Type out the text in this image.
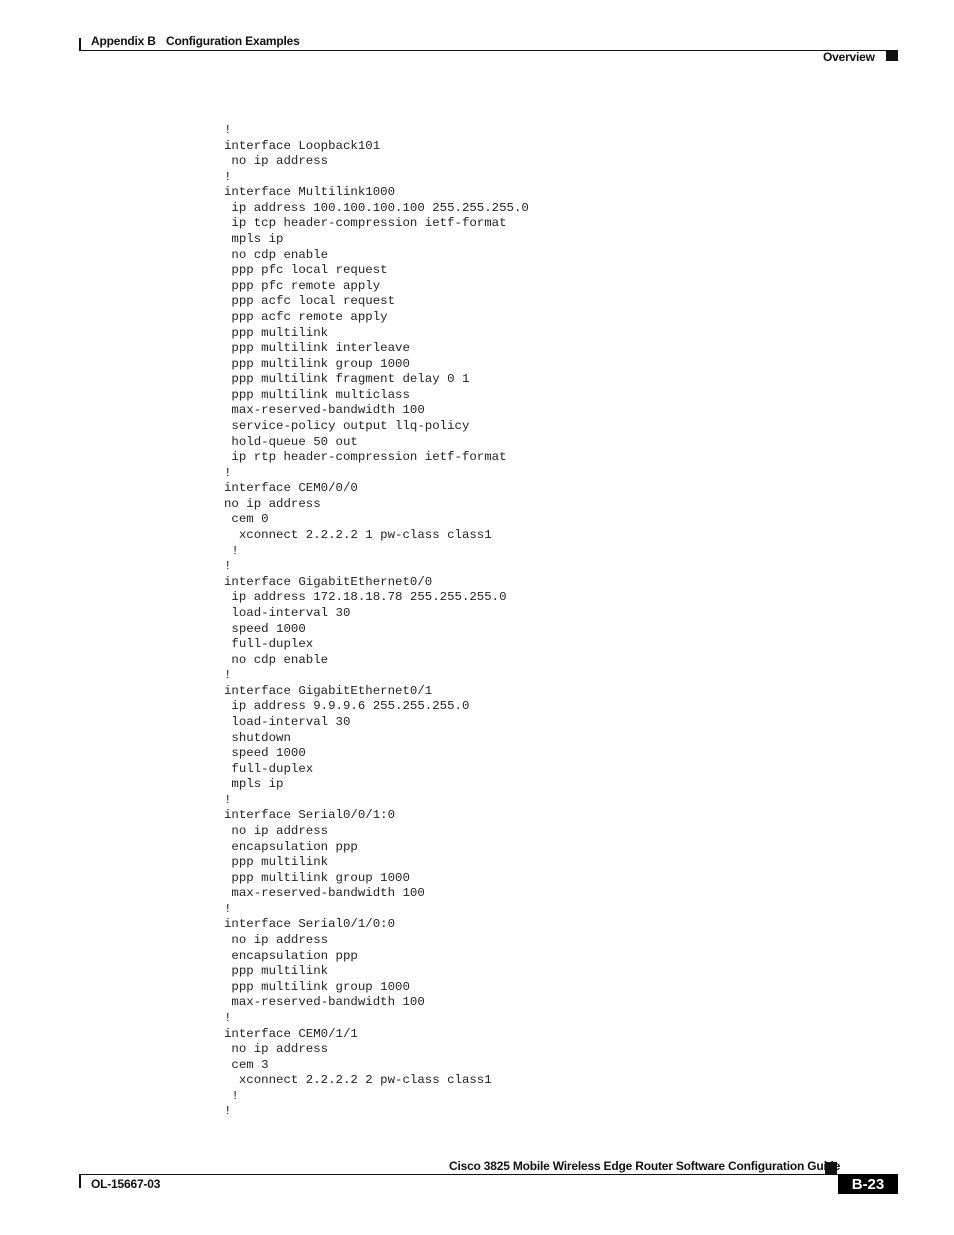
Appendix B Configuration Examples
Overview
!
interface Loopback101
no ip address
!
interface Multilink1000
ip address 100.100.100.100 255.255.255.0
ip tcp header-compression ietf-format
mpls ip
no cdp enable
ppp pfc local request
ppp pfc remote apply
ppp acfc local request
ppp acfc remote apply
ppp multilink
ppp multilink interleave
ppp multilink group 1000
ppp multilink fragment delay 0 1
ppp multilink multiclass
max-reserved-bandwidth 100
service-policy output llq-policy
hold-queue 50 out
ip rtp header-compression ietf-format
!
interface CEM0/0/0
no ip address
cem 0
xconnect 2.2.2.2 1 pw-class class1
!
!
interface GigabitEthernet0/0
ip address 172.18.18.78 255.255.255.0
load-interval 30
speed 1000
full-duplex
no cdp enable
!
interface GigabitEthernet0/1
ip address 9.9.9.6 255.255.255.0
load-interval 30
shutdown
speed 1000
full-duplex
mpls ip
!
interface Serial0/0/1:0
no ip address
encapsulation ppp
ppp multilink
ppp multilink group 1000
max-reserved-bandwidth 100
!
interface Serial0/1/0:0
no ip address
encapsulation ppp
ppp multilink
ppp multilink group 1000
max-reserved-bandwidth 100
!
interface CEM0/1/1
no ip address
cem 3
xconnect 2.2.2.2 2 pw-class class1
!
!
Cisco 3825 Mobile Wireless Edge Router Software Configuration Guide
OL-15667-03	B-23
